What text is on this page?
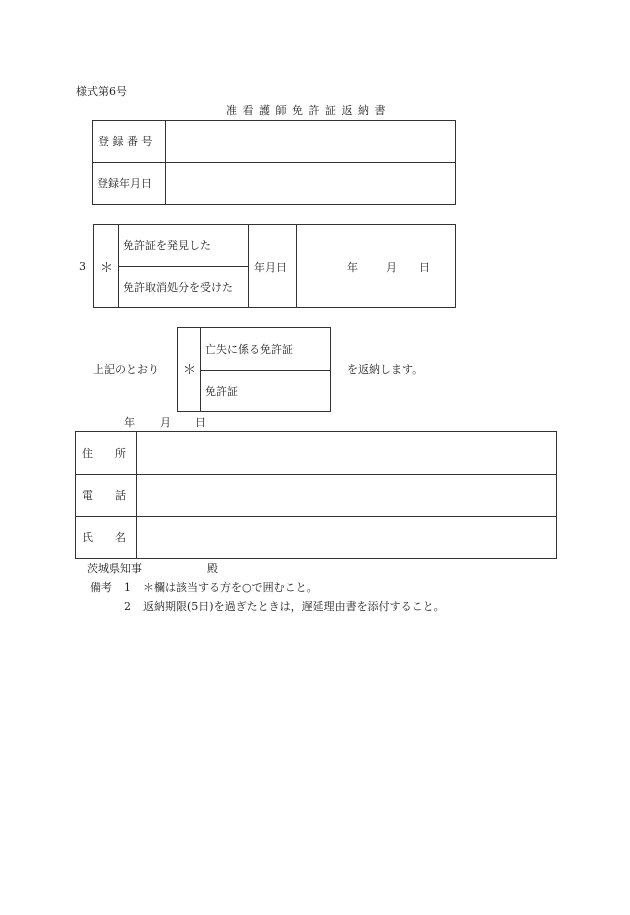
様式第6号
准 看 護 師 免 許 証 返 納 書
登 録 番 号
登録年月日
3 ＊
免許証を発見した
免許取消処分を受けた
年月日	年	月 日
上記のとおり ＊
亡失に係る免許証
免許証
を返納します。
年 月 日
住　　所
電　　話
氏　　名
茨城県知事	殿
備考 1 ＊欄は該当する方を○で囲むこと。
2 返納期限(5日)を過ぎたときは，遅延理由書を添付すること。
